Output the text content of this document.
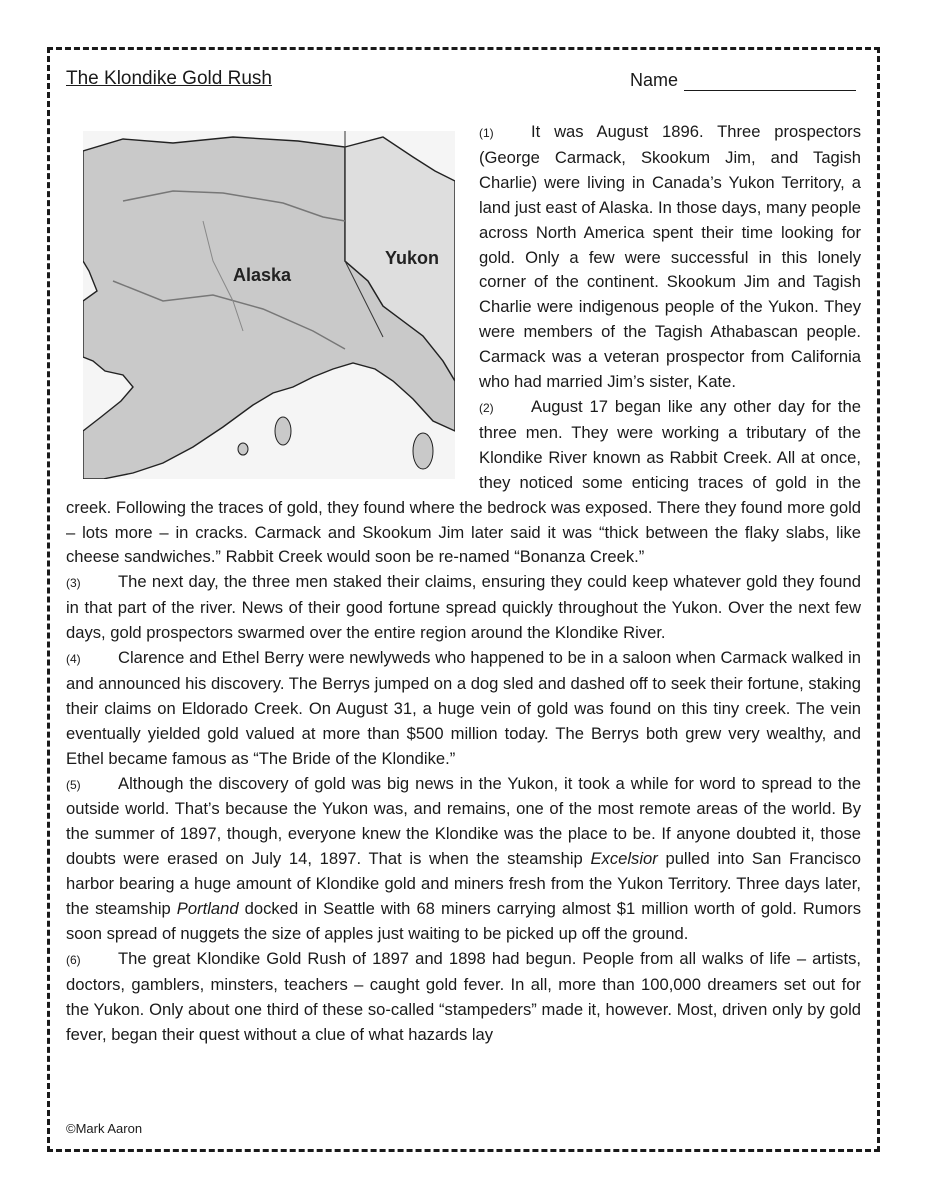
The Klondike Gold Rush	Name
Alaska
Yukon

(1) It was August 1896. Three prospectors (George Carmack, Skookum Jim, and Tagish Charlie) were living in Canada’s Yukon Territory, a land just east of Alaska. In those days, many people across North America spent their time looking for gold. Only a few were successful in this lonely corner of the continent. Skookum Jim and Tagish Charlie were indigenous people of the Yukon. They were members of the Tagish Athabascan people. Carmack was a veteran prospector from California who had married Jim’s sister, Kate.

(2) August 17 began like any other day for the three men. They were working a tributary of the Klondike River known as Rabbit Creek. All at once, they noticed some enticing traces of gold in the creek. Following the traces of gold, they found where the bedrock was exposed. There they found more gold – lots more – in cracks. Carmack and Skookum Jim later said it was “thick between the flaky slabs, like cheese sandwiches.” Rabbit Creek would soon be re-named “Bonanza Creek.”

(3) The next day, the three men staked their claims, ensuring they could keep whatever gold they found in that part of the river. News of their good fortune spread quickly throughout the Yukon. Over the next few days, gold prospectors swarmed over the entire region around the Klondike River.

(4) Clarence and Ethel Berry were newlyweds who happened to be in a saloon when Carmack walked in and announced his discovery. The Berrys jumped on a dog sled and dashed off to seek their fortune, staking their claims on Eldorado Creek. On August 31, a huge vein of gold was found on this tiny creek. The vein eventually yielded gold valued at more than $500 million today. The Berrys both grew very wealthy, and Ethel became famous as “The Bride of the Klondike.”

(5) Although the discovery of gold was big news in the Yukon, it took a while for word to spread to the outside world. That’s because the Yukon was, and remains, one of the most remote areas of the world. By the summer of 1897, though, everyone knew the Klondike was the place to be. If anyone doubted it, those doubts were erased on July 14, 1897. That is when the steamship Excelsior pulled into San Francisco harbor bearing a huge amount of Klondike gold and miners fresh from the Yukon Territory. Three days later, the steamship Portland docked in Seattle with 68 miners carrying almost $1 million worth of gold. Rumors soon spread of nuggets the size of apples just waiting to be picked up off the ground.

(6) The great Klondike Gold Rush of 1897 and 1898 had begun. People from all walks of life – artists, doctors, gamblers, minsters, teachers – caught gold fever. In all, more than 100,000 dreamers set out for the Yukon. Only about one third of these so-called “stampeders” made it, however. Most, driven only by gold fever, began their quest without a clue of what hazards lay

©Mark Aaron
